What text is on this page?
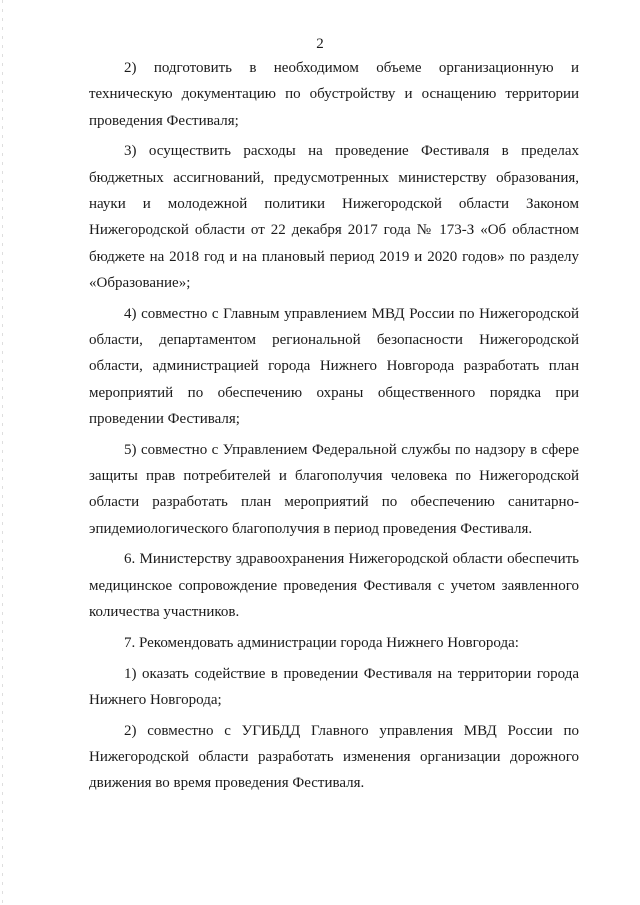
2

2) подготовить в необходимом объеме организационную и техническую документацию по обустройству и оснащению территории проведения Фестиваля;

3) осуществить расходы на проведение Фестиваля в пределах бюджетных ассигнований, предусмотренных министерству образования, науки и молодежной политики Нижегородской области Законом Нижегородской области от 22 декабря 2017 года № 173-З «Об областном бюджете на 2018 год и на плановый период 2019 и 2020 годов» по разделу «Образование»;

4) совместно с Главным управлением МВД России по Нижегородской области, департаментом региональной безопасности Нижегородской области, администрацией города Нижнего Новгорода разработать план мероприятий по обеспечению охраны общественного порядка при проведении Фестиваля;

5) совместно с Управлением Федеральной службы по надзору в сфере защиты прав потребителей и благополучия человека по Нижегородской области разработать план мероприятий по обеспечению санитарно-эпидемиологического благополучия в период проведения Фестиваля.

6. Министерству здравоохранения Нижегородской области обеспечить медицинское сопровождение проведения Фестиваля с учетом заявленного количества участников.

7. Рекомендовать администрации города Нижнего Новгорода:

1) оказать содействие в проведении Фестиваля на территории города Нижнего Новгорода;

2) совместно с УГИБДД Главного управления МВД России по Нижегородской области разработать изменения организации дорожного движения во время проведения Фестиваля.
